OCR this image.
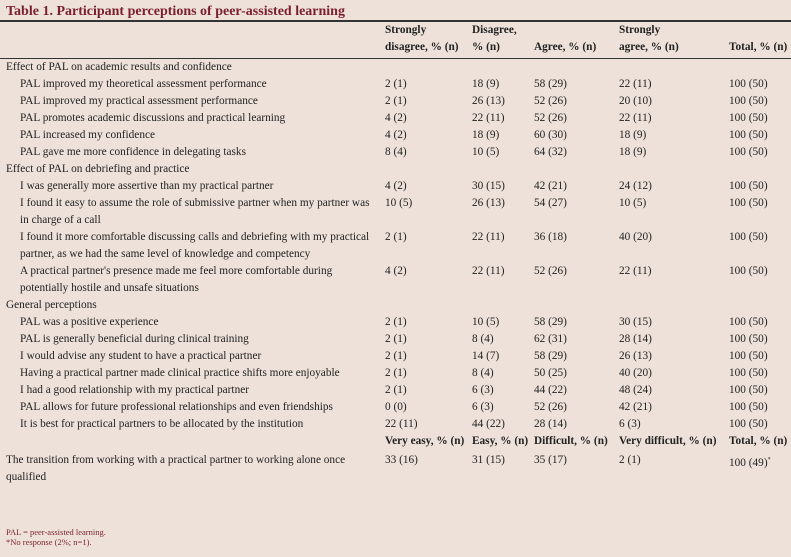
Table 1. Participant perceptions of peer-assisted learning
	Strongly
disagree, % (n)	Disagree,
% (n)	Agree, % (n)	Strongly
agree, % (n)	Total, % (n)
Effect of PAL on academic results and confidence					
PAL improved my theoretical assessment performance	2 (1)	18 (9)	58 (29)	22 (11)	100 (50)
PAL improved my practical assessment performance	2 (1)	26 (13)	52 (26)	20 (10)	100 (50)
PAL promotes academic discussions and practical learning	4 (2)	22 (11)	52 (26)	22 (11)	100 (50)
PAL increased my confidence	4 (2)	18 (9)	60 (30)	18 (9)	100 (50)
PAL gave me more confidence in delegating tasks	8 (4)	10 (5)	64 (32)	18 (9)	100 (50)
Effect of PAL on debriefing and practice					
I was generally more assertive than my practical partner	4 (2)	30 (15)	42 (21)	24 (12)	100 (50)
I found it easy to assume the role of submissive partner when my partner was in charge of a call	10 (5)	26 (13)	54 (27)	10 (5)	100 (50)
I found it more comfortable discussing calls and debriefing with my practical partner, as we had the same level of knowledge and competency	2 (1)	22 (11)	36 (18)	40 (20)	100 (50)
A practical partner's presence made me feel more comfortable during potentially hostile and unsafe situations	4 (2)	22 (11)	52 (26)	22 (11)	100 (50)
General perceptions					
PAL was a positive experience	2 (1)	10 (5)	58 (29)	30 (15)	100 (50)
PAL is generally beneficial during clinical training	2 (1)	8 (4)	62 (31)	28 (14)	100 (50)
I would advise any student to have a practical partner	2 (1)	14 (7)	58 (29)	26 (13)	100 (50)
Having a practical partner made clinical practice shifts more enjoyable	2 (1)	8 (4)	50 (25)	40 (20)	100 (50)
I had a good relationship with my practical partner	2 (1)	6 (3)	44 (22)	48 (24)	100 (50)
PAL allows for future professional relationships and even friendships	0 (0)	6 (3)	52 (26)	42 (21)	100 (50)
It is best for practical partners to be allocated by the institution	22 (11)	44 (22)	28 (14)	6 (3)	100 (50)
	Very easy, % (n)	Easy, % (n)	Difficult, % (n)	Very difficult, % (n)	Total, % (n)
The transition from working with a practical partner to working alone once qualified	33 (16)	31 (15)	35 (17)	2 (1)	100 (49)*
PAL = peer-assisted learning.
*No response (2%; n=1).
